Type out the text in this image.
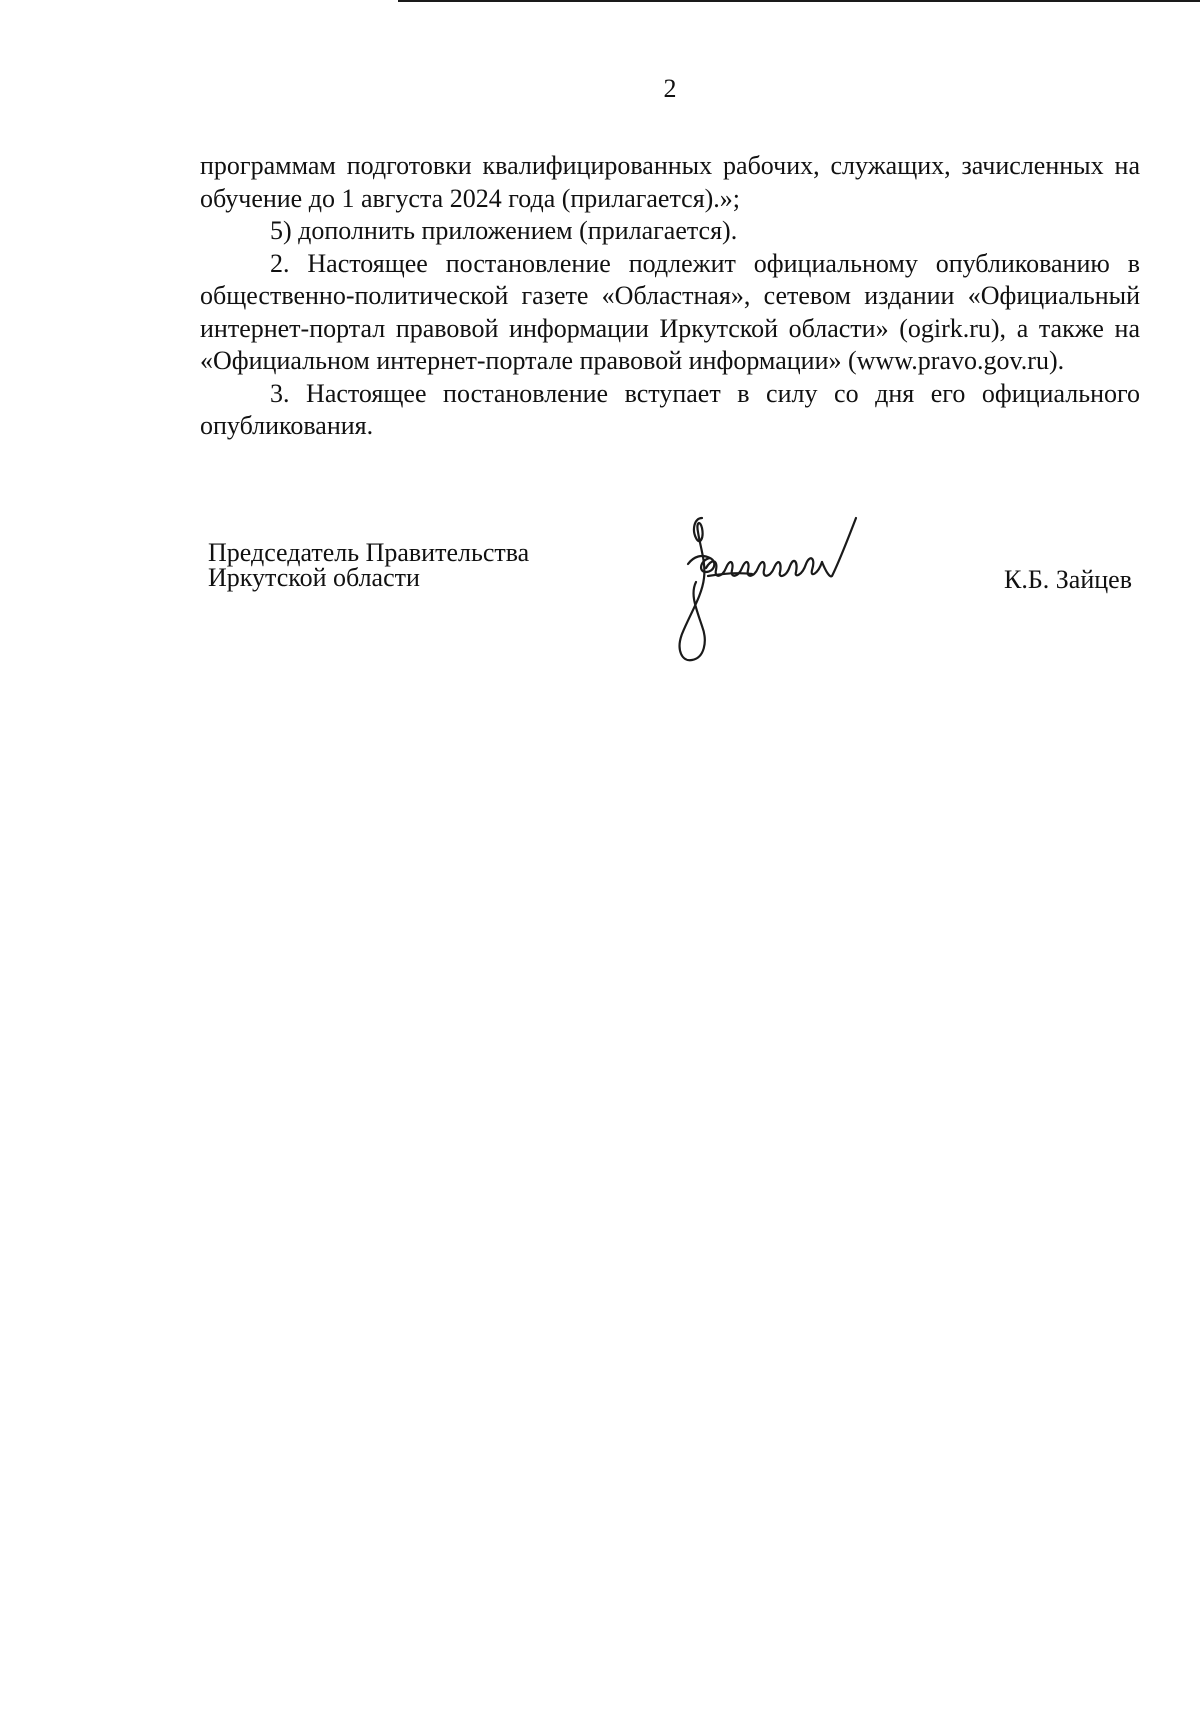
2

программам подготовки квалифицированных рабочих, служащих, зачисленных на обучение до 1 августа 2024 года (прилагается).»;

5) дополнить приложением (прилагается).

2. Настоящее постановление подлежит официальному опубликованию в общественно-политической газете «Областная», сетевом издании «Официальный интернет-портал правовой информации Иркутской области» (ogirk.ru), а также на «Официальном интернет-портале правовой информации» (www.pravo.gov.ru).

3. Настоящее постановление вступает в силу со дня его официального опубликования.

Председатель Правительства
Иркутской области	К.Б. Зайцев
